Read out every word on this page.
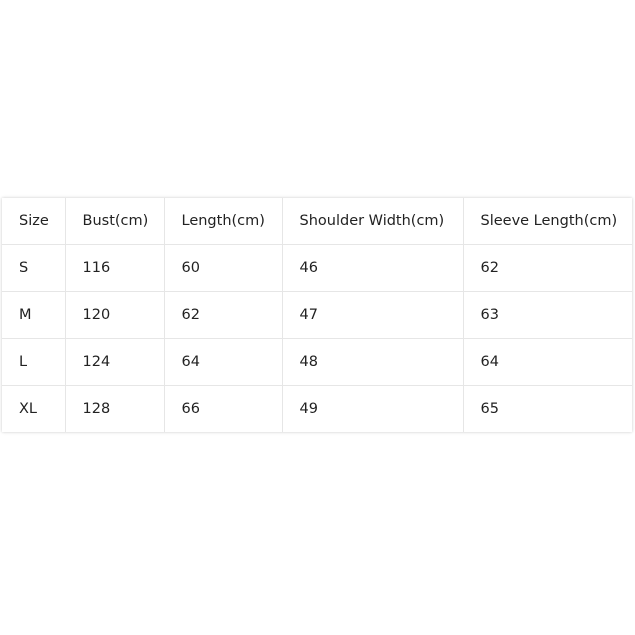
Size	Bust(cm)	Length(cm)	Shoulder Width(cm)	Sleeve Length(cm)
S	116	60	46	62
M	120	62	47	63
L	124	64	48	64
XL	128	66	49	65
